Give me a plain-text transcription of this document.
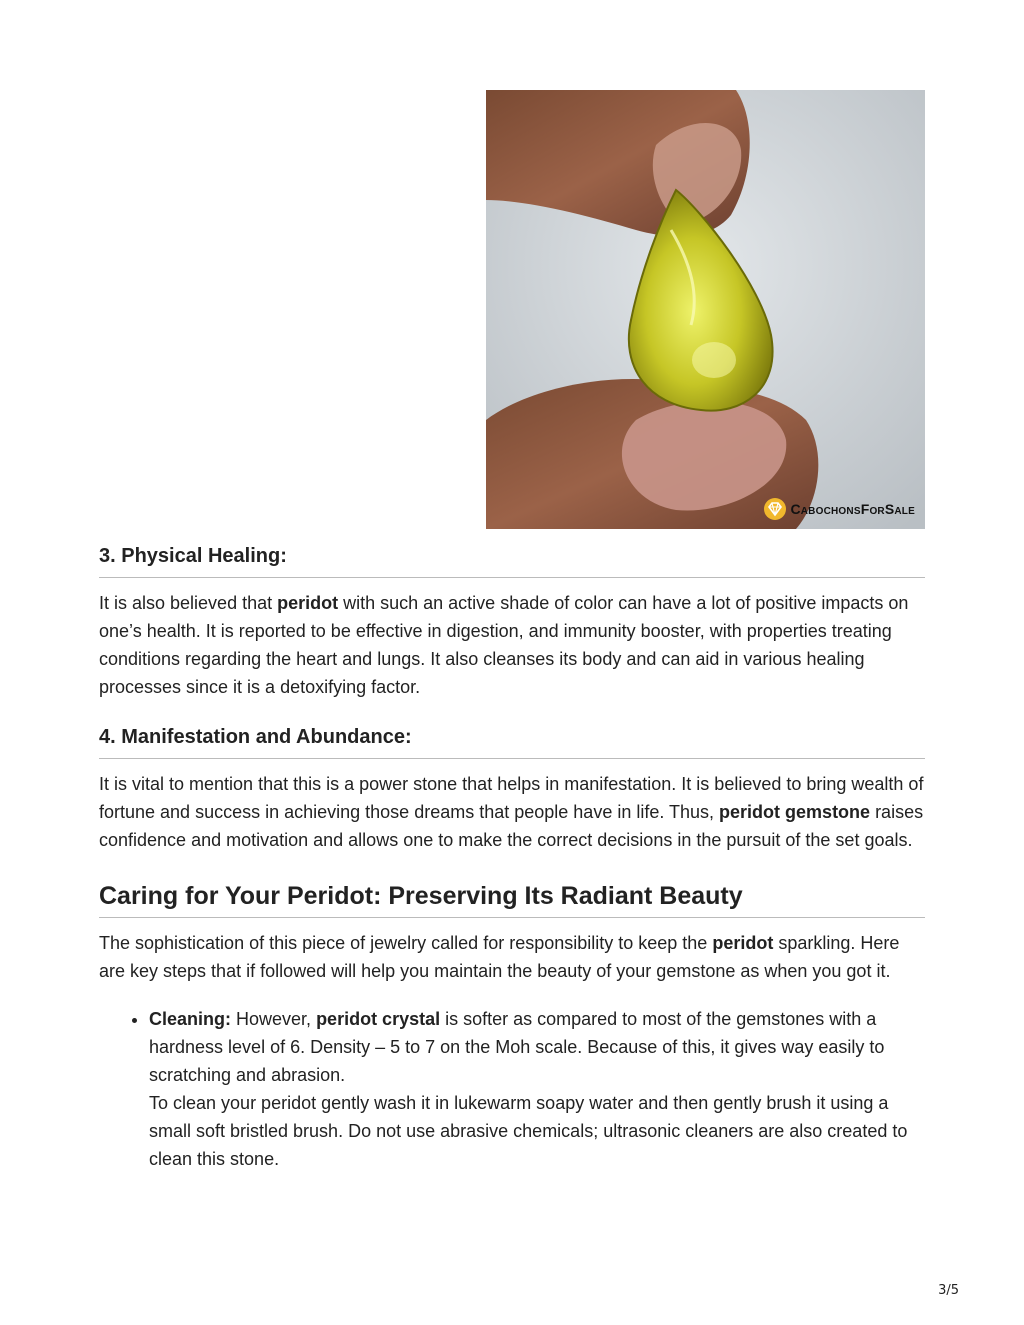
CabochonsForSale
3. Physical Healing:

It is also believed that peridot with such an active shade of color can have a lot of positive impacts on one’s health. It is reported to be effective in digestion, and immunity booster, with properties treating conditions regarding the heart and lungs. It also cleanses its body and can aid in various healing processes since it is a detoxifying factor.

4. Manifestation and Abundance:

It is vital to mention that this is a power stone that helps in manifestation. It is believed to bring wealth of fortune and success in achieving those dreams that people have in life. Thus, peridot gemstone raises confidence and motivation and allows one to make the correct decisions in the pursuit of the set goals.

Caring for Your Peridot: Preserving Its Radiant Beauty

The sophistication of this piece of jewelry called for responsibility to keep the peridot sparkling. Here are key steps that if followed will help you maintain the beauty of your gemstone as when you got it.

• Cleaning: However, peridot crystal is softer as compared to most of the gemstones with a hardness level of 6. Density – 5 to 7 on the Moh scale. Because of this, it gives way easily to scratching and abrasion.
To clean your peridot gently wash it in lukewarm soapy water and then gently brush it using a small soft bristled brush. Do not use abrasive chemicals; ultrasonic cleaners are also created to clean this stone.
3/5
